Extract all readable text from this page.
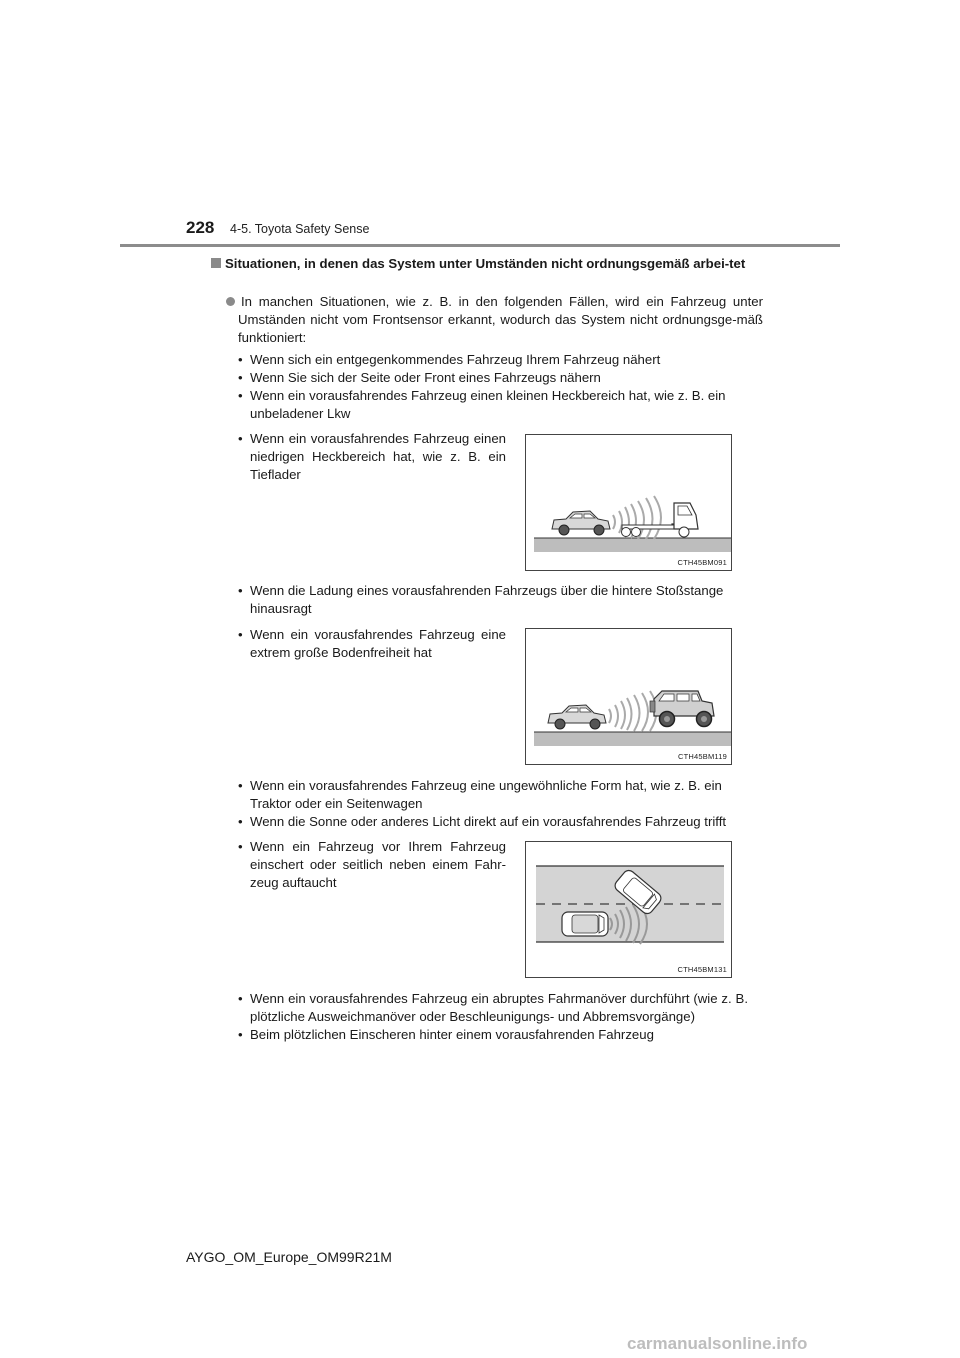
228 4-5. Toyota Safety Sense
Situationen, in denen das System unter Umständen nicht ordnungsgemäß arbei-tet
In manchen Situationen, wie z. B. in den folgenden Fällen, wird ein Fahrzeug unter Umständen nicht vom Frontsensor erkannt, wodurch das System nicht ordnungsge-mäß funktioniert:
• Wenn sich ein entgegenkommendes Fahrzeug Ihrem Fahrzeug nähert
• Wenn Sie sich der Seite oder Front eines Fahrzeugs nähern
• Wenn ein vorausfahrendes Fahrzeug einen kleinen Heckbereich hat, wie z. B. ein unbeladener Lkw
• Wenn ein vorausfahrendes Fahrzeug einen niedrigen Heckbereich hat, wie z. B. ein Tieflader
CTH45BM091
• Wenn die Ladung eines vorausfahrenden Fahrzeugs über die hintere Stoßstange hinausragt
• Wenn ein vorausfahrendes Fahrzeug eine extrem große Bodenfreiheit hat
CTH45BM119
• Wenn ein vorausfahrendes Fahrzeug eine ungewöhnliche Form hat, wie z. B. ein Traktor oder ein Seitenwagen
• Wenn die Sonne oder anderes Licht direkt auf ein vorausfahrendes Fahrzeug trifft
• Wenn ein Fahrzeug vor Ihrem Fahrzeug einschert oder seitlich neben einem Fahr-zeug auftaucht
CTH45BM131
• Wenn ein vorausfahrendes Fahrzeug ein abruptes Fahrmanöver durchführt (wie z. B. plötzliche Ausweichmanöver oder Beschleunigungs- und Abbremsvorgänge)
• Beim plötzlichen Einscheren hinter einem vorausfahrenden Fahrzeug
AYGO_OM_Europe_OM99R21M
carmanualsonline.info
